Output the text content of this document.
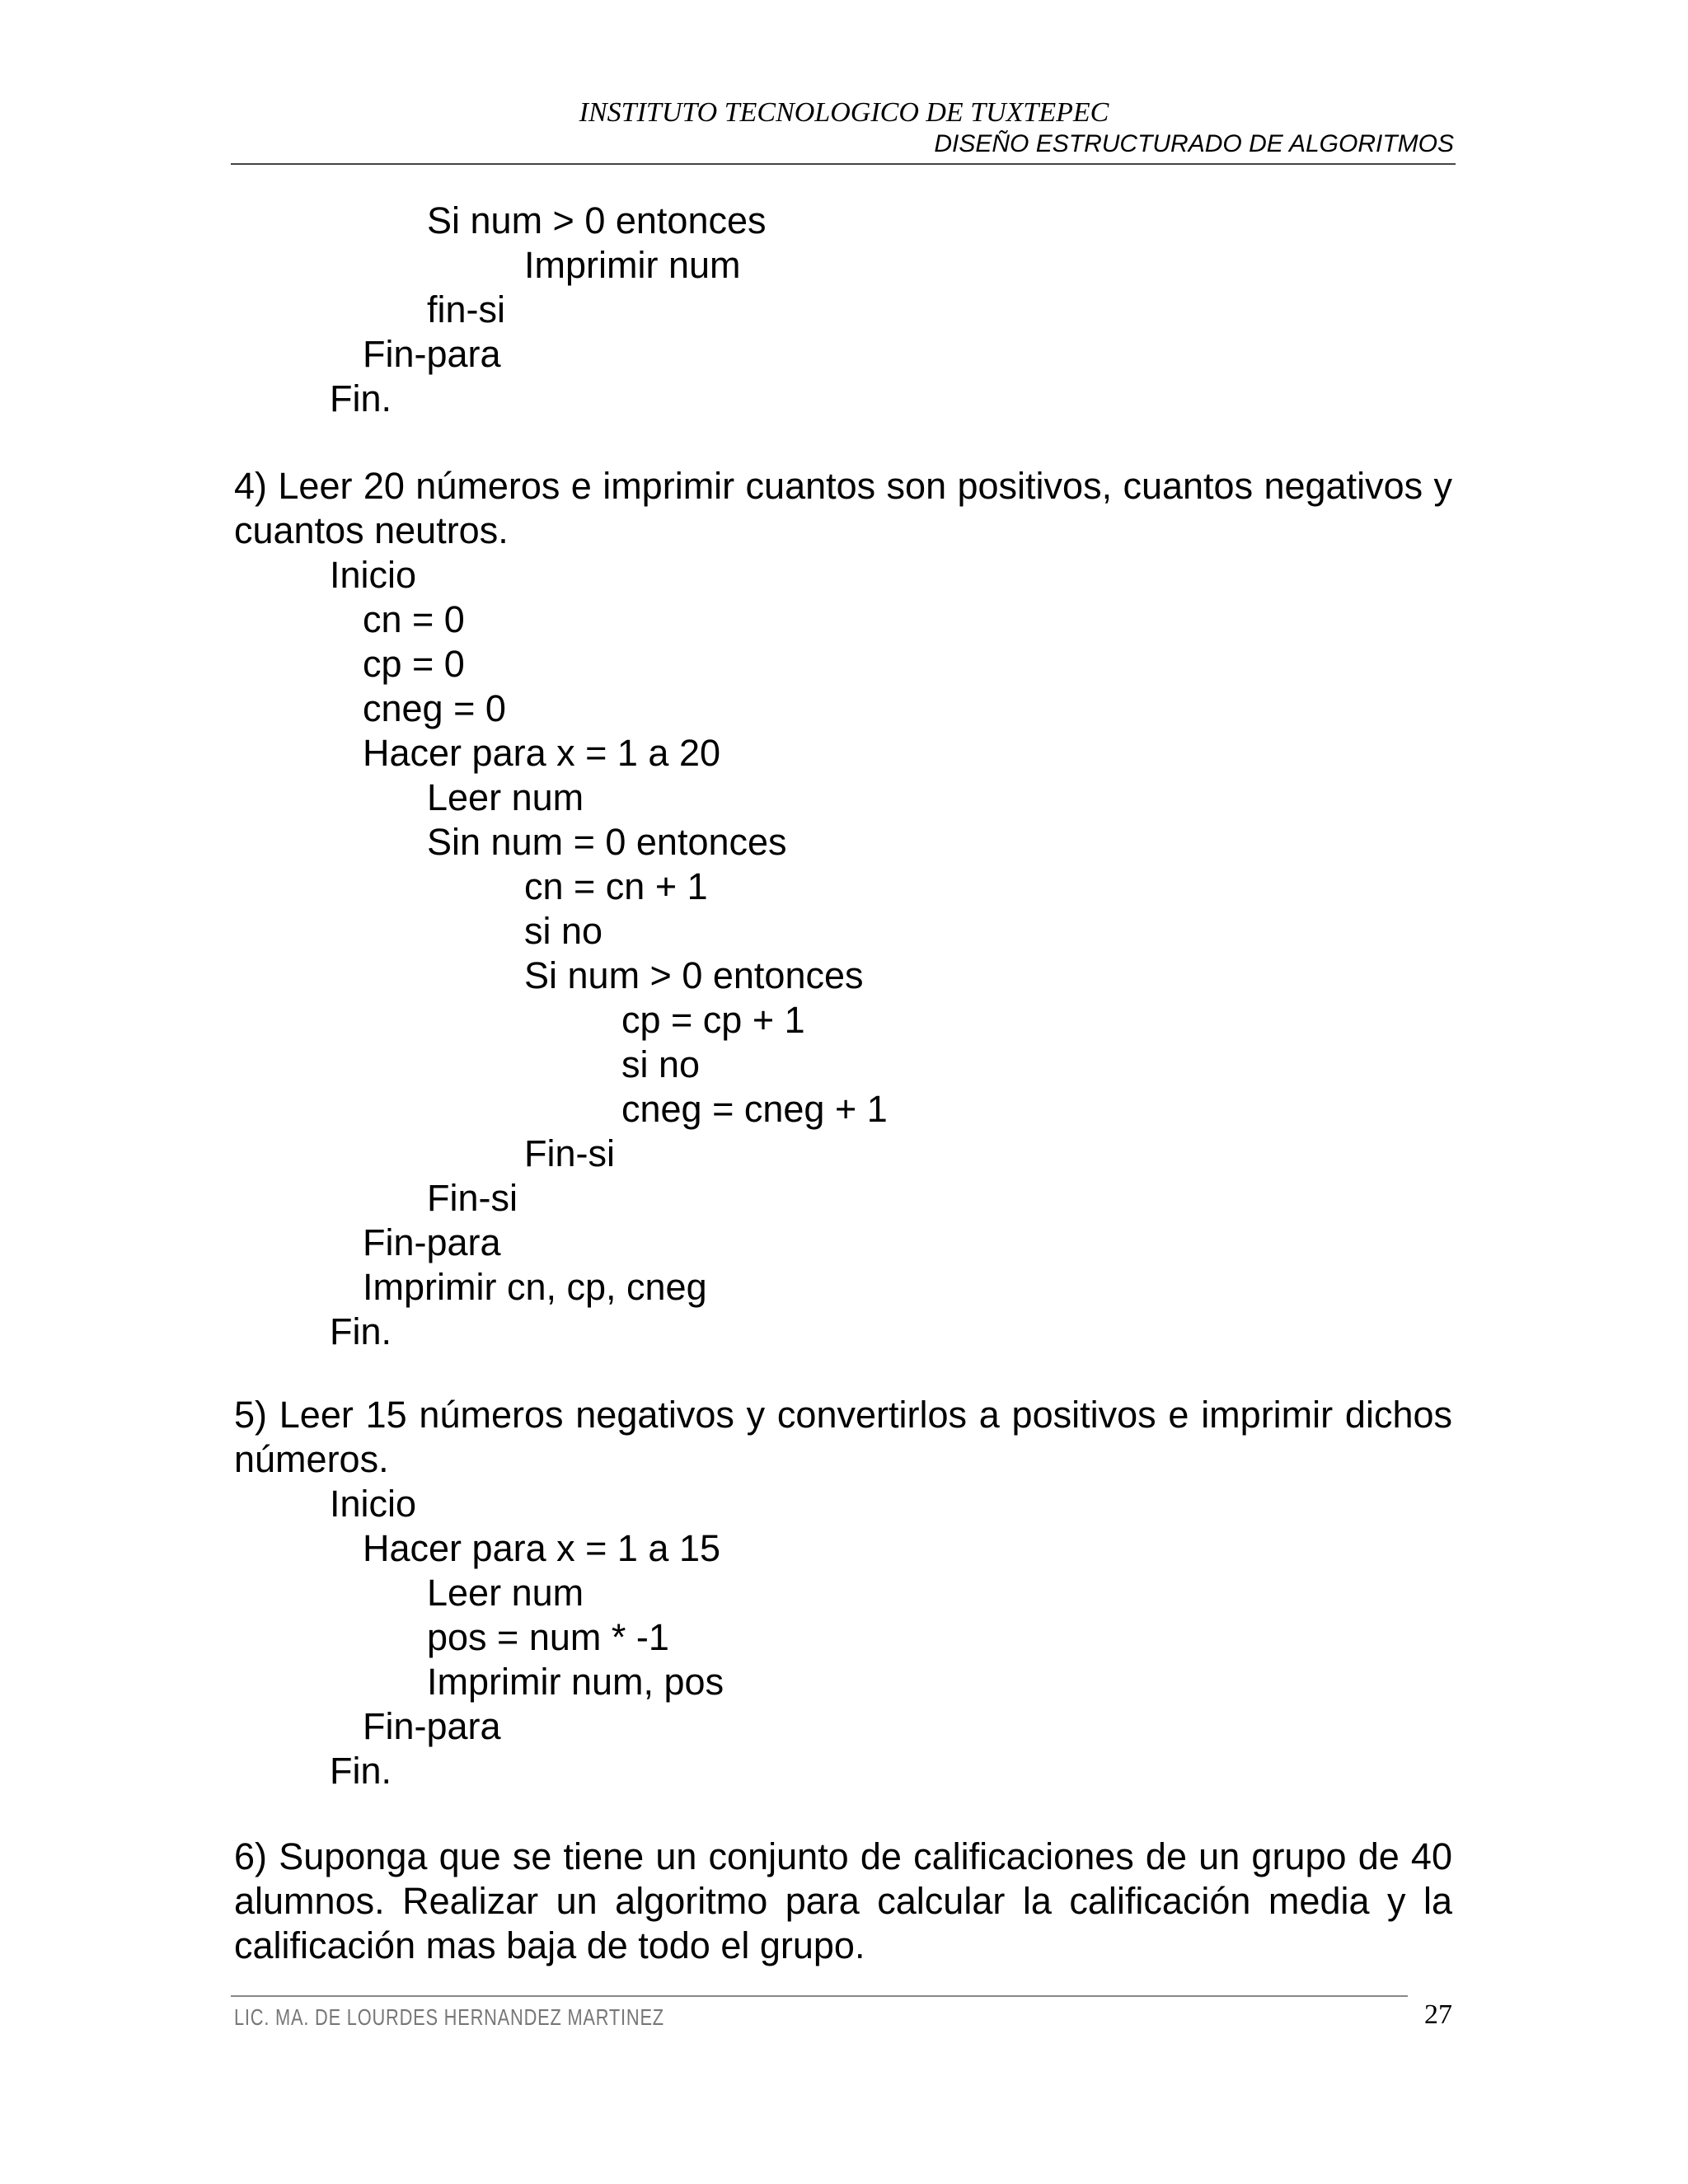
INSTITUTO TECNOLOGICO DE TUXTEPEC
DISEÑO ESTRUCTURADO DE ALGORITMOS
Si num > 0 entonces
Imprimir num
fin-si
Fin-para
Fin.
4) Leer 20 números e imprimir cuantos son positivos, cuantos negativos y cuantos neutros.
Inicio
cn = 0
cp = 0
cneg = 0
Hacer para x = 1 a 20
Leer num
Sin num = 0 entonces
cn = cn + 1
si no
Si num > 0 entonces
cp = cp + 1
si no
cneg = cneg + 1
Fin-si
Fin-si
Fin-para
Imprimir cn, cp, cneg
Fin.
5) Leer 15 números negativos y convertirlos a positivos e imprimir dichos números.
Inicio
Hacer para x = 1 a 15
Leer num
pos = num * -1
Imprimir num, pos
Fin-para
Fin.
6) Suponga que se tiene un conjunto de calificaciones de un grupo de 40 alumnos. Realizar un algoritmo para calcular la calificación media y la calificación mas baja de todo el grupo.
LIC. MA. DE LOURDES HERNANDEZ MARTINEZ	27
